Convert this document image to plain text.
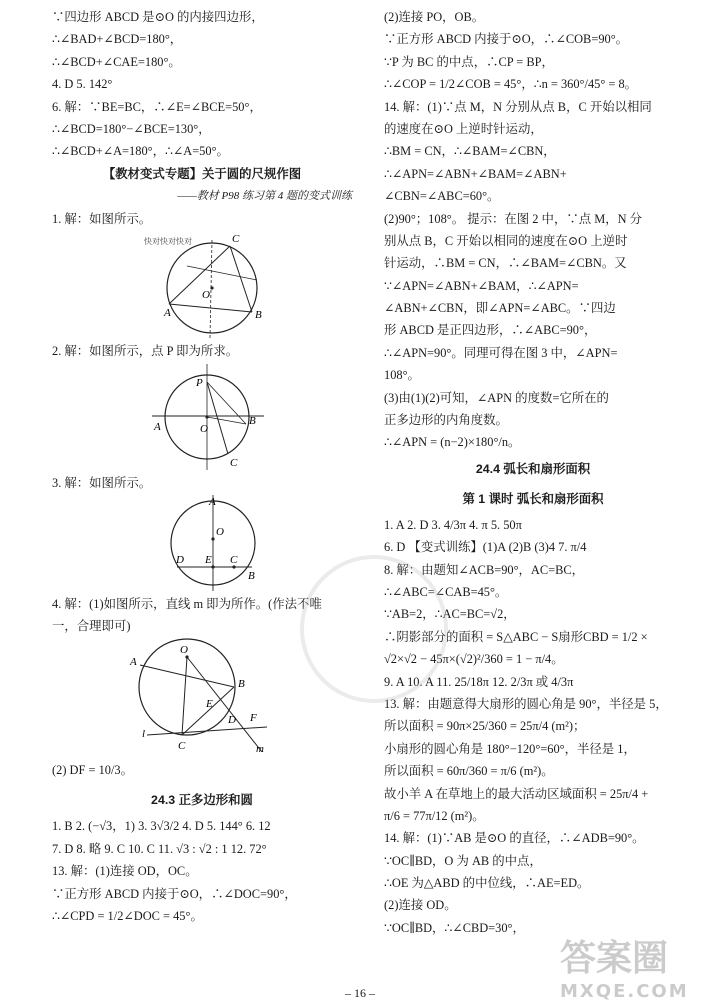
∵四边形 ABCD 是⊙O 的内接四边形，
∴∠BAD+∠BCD=180°，
∴∠BCD+∠CAE=180°。
4. D 5. 142°
6. 解：∵BE=BC，∴∠E=∠BCE=50°，
∴∠BCD=180°−∠BCE=130°，
∴∠BCD+∠A=180°，∴∠A=50°。
【教材变式专题】关于圆的尺规作图
——教材 P98 练习第 4 题的变式训练
1. 解：如图所示。
A	B
C
O
快对快对快对
2. 解：如图所示，点 P 即为所求。
A	B
C
O
P
3. 解：如图所示。
A
B
C
D E
O
4. 解：(1)如图所示，直线 m 即为所作。(作法不唯
一，合理即可)
A
B
C
D
E
F
O
l
m
(2) DF = 10/3。
24.3 正多边形和圆
1. B 2. (−√3，1) 3. 3√3/2 4. D 5. 144° 6. 12
7. D 8. 略 9. C 10. C 11. √3 : √2 : 1 12. 72°
13. 解：(1)连接 OD，OC。
∵正方形 ABCD 内接于⊙O，∴∠DOC=90°，
∴∠CPD = 1/2∠DOC = 45°。
(2)连接 PO，OB。
∵正方形 ABCD 内接于⊙O，∴∠COB=90°。
∵P 为 BC 的中点，∴CP = BP，
∴∠COP = 1/2∠COB = 45°，∴n = 360°/45° = 8。
14. 解：(1)∵点 M，N 分别从点 B，C 开始以相同
的速度在⊙O 上逆时针运动，
∴BM = CN，∴∠BAM=∠CBN，
∴∠APN=∠ABN+∠BAM=∠ABN+
∠CBN=∠ABC=60°。
(2)90°；108°。 提示：在图 2 中，∵点 M，N 分
别从点 B，C 开始以相同的速度在⊙O 上逆时
针运动，∴BM = CN，∴∠BAM=∠CBN。又
∵∠APN=∠ABN+∠BAM，∴∠APN=
∠ABN+∠CBN，即∠APN=∠ABC。∵四边
形 ABCD 是正四边形，∴∠ABC=90°，
∴∠APN=90°。同理可得在图 3 中，∠APN=
108°。
(3)由(1)(2)可知，∠APN 的度数=它所在的
正多边形的内角度数。
∴∠APN = (n−2)×180°/n。
24.4 弧长和扇形面积
第 1 课时 弧长和扇形面积
1. A 2. D 3. 4/3π 4. π 5. 50π
6. D 【变式训练】(1)A (2)B (3)4 7. π/4
8. 解：由题知∠ACB=90°，AC=BC，
∴∠ABC=∠CAB=45°。
∵AB=2，∴AC=BC=√2，
∴阴影部分的面积 = S△ABC − S扇形CBD = 1/2 ×
√2×√2 − 45π×(√2)²/360 = 1 − π/4。
9. A 10. A 11. 25/18π 12. 2/3π 或 4/3π
13. 解：由题意得大扇形的圆心角是 90°，半径是 5，
所以面积 = 90π×25/360 = 25π/4 (m²)；
小扇形的圆心角是 180°−120°=60°，半径是 1，
所以面积 = 60π/360 = π/6 (m²)。
故小羊 A 在草地上的最大活动区域面积 = 25π/4 +
π/6 = 77π/12 (m²)。
14. 解：(1)∵AB 是⊙O 的直径，∴∠ADB=90°。
∵OC∥BD，O 为 AB 的中点，
∴OE 为△ABD 的中位线，∴AE=ED。
(2)连接 OD。
∵OC∥BD，∴∠CBD=30°，
答案圈
MXQE.COM
– 16 –
